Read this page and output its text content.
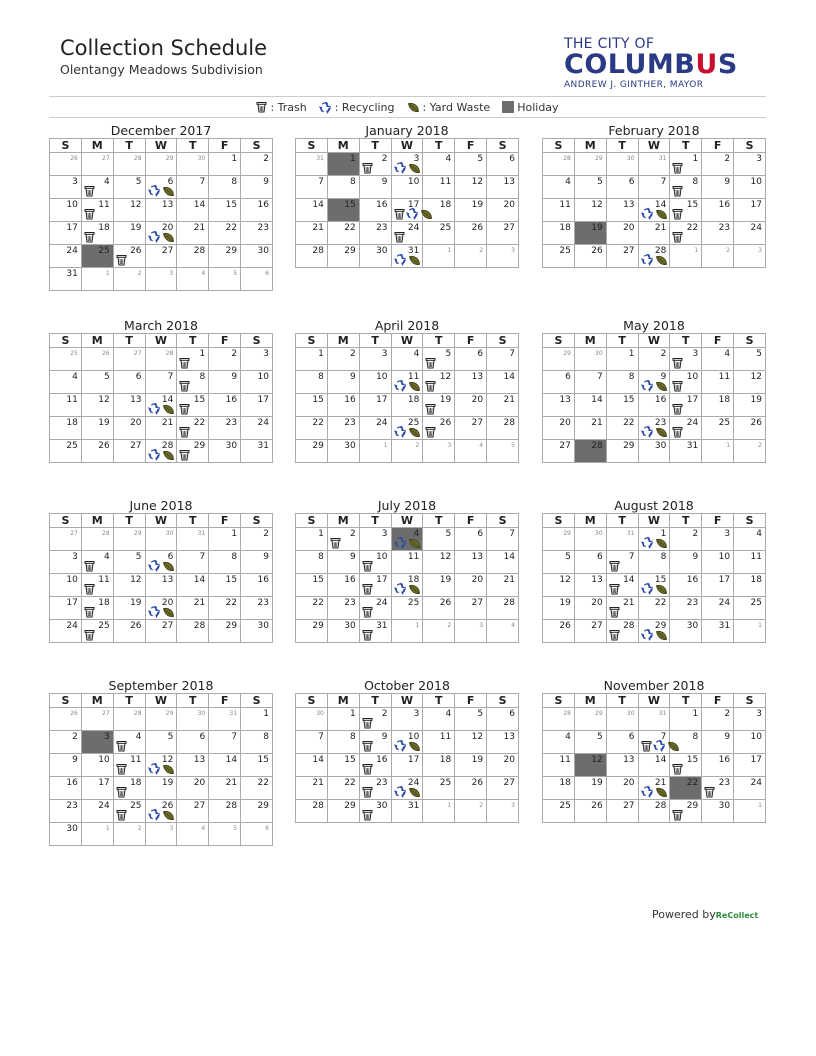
Collection Schedule
Olentangy Meadows Subdivision
THE CITY OF
COLUMBUS
ANDREW J. GINTHER, MAYOR
: Trash	: Recycling	: Yard Waste Holiday
December 2017
S	M	T	W	T	F	S

26	27	28	29	30	1	2

3	4	5	6	7	8	9

10	11	12	13	14	15	16

17	18	19	20	21	22	23

24	25	26	27	28	29	30

31	1	2	3	4	5	6
January 2018
S	M	T	W	T	F	S

31	1	2	3	4	5	6

7	8	9	10	11	12	13

14	15	16	17	18	19	20

21	22	23	24	25	26	27

28	29	30	31	1	2	3
February 2018
S	M	T	W	T	F	S

28	29	30	31	1	2	3

4	5	6	7	8	9	10

11	12	13	14	15	16	17

18	19	20	21	22	23	24

25	26	27	28	1	2	3
March 2018
S	M	T	W	T	F	S

25	26	27	28	1	2	3

4	5	6	7	8	9	10

11	12	13	14	15	16	17

18	19	20	21	22	23	24

25	26	27	28	29	30	31
April 2018
S	M	T	W	T	F	S

1	2	3	4	5	6	7

8	9	10	11	12	13	14

15	16	17	18	19	20	21

22	23	24	25	26	27	28

29	30	1	2	3	4	5
May 2018
S	M	T	W	T	F	S

29	30	1	2	3	4	5

6	7	8	9	10	11	12

13	14	15	16	17	18	19

20	21	22	23	24	25	26

27	28	29	30	31	1	2
June 2018
S	M	T	W	T	F	S

27	28	29	30	31	1	2

3	4	5	6	7	8	9

10	11	12	13	14	15	16

17	18	19	20	21	22	23

24	25	26	27	28	29	30
July 2018
S	M	T	W	T	F	S

1	2	3	4	5	6	7

8	9	10	11	12	13	14

15	16	17	18	19	20	21

22	23	24	25	26	27	28

29	30	31	1	2	3	4
August 2018
S	M	T	W	T	F	S

29	30	31	1	2	3	4

5	6	7	8	9	10	11

12	13	14	15	16	17	18

19	20	21	22	23	24	25

26	27	28	29	30	31	1
September 2018
S	M	T	W	T	F	S

26	27	28	29	30	31	1

2	3	4	5	6	7	8

9	10	11	12	13	14	15

16	17	18	19	20	21	22

23	24	25	26	27	28	29

30	1	2	3	4	5	6
October 2018
S	M	T	W	T	F	S

30	1	2	3	4	5	6

7	8	9	10	11	12	13

14	15	16	17	18	19	20

21	22	23	24	25	26	27

28	29	30	31	1	2	3
November 2018
S	M	T	W	T	F	S

28	29	30	31	1	2	3

4	5	6	7	8	9	10

11	12	13	14	15	16	17

18	19	20	21	22	23	24

25	26	27	28	29	30	1
Powered byReCollect
